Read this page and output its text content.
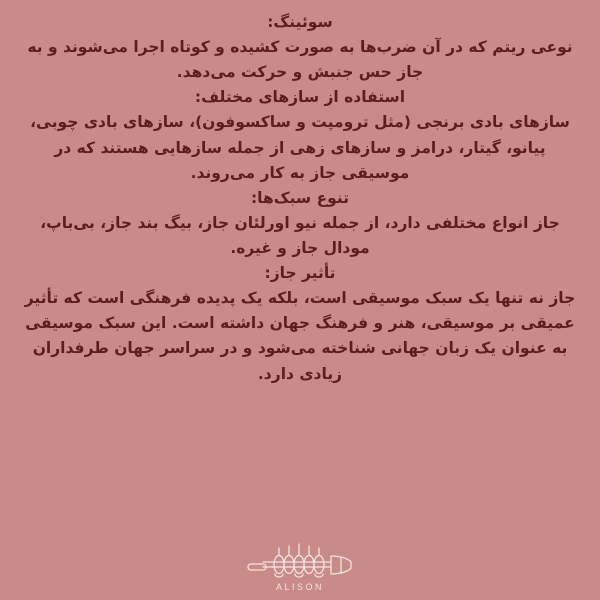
سوئینگ:

نوعی ریتم که در آن ضرب‌ها به صورت کشیده و کوتاه اجرا می‌شوند و به جاز حس جنبش و حرکت می‌دهد.

استفاده از سازهای مختلف:

سازهای بادی برنجی (مثل ترومپت و ساکسوفون)، سازهای بادی چوبی، پیانو، گیتار، درامز و سازهای زهی از جمله سازهایی هستند که در موسیقی جاز به کار می‌روند.

تنوع سبک‌ها:

جاز انواع مختلفی دارد، از جمله نیو اورلئان جاز، بیگ بند جاز، بی‌باپ، مودال جاز و غیره.

تأثیر جاز:

جاز نه تنها یک سبک موسیقی است، بلکه یک پدیده فرهنگی است که تأثیر عمیقی بر موسیقی، هنر و فرهنگ جهان داشته است. این سبک موسیقی به عنوان یک زبان جهانی شناخته می‌شود و در سراسر جهان طرفداران زیادی دارد.

ALISON
